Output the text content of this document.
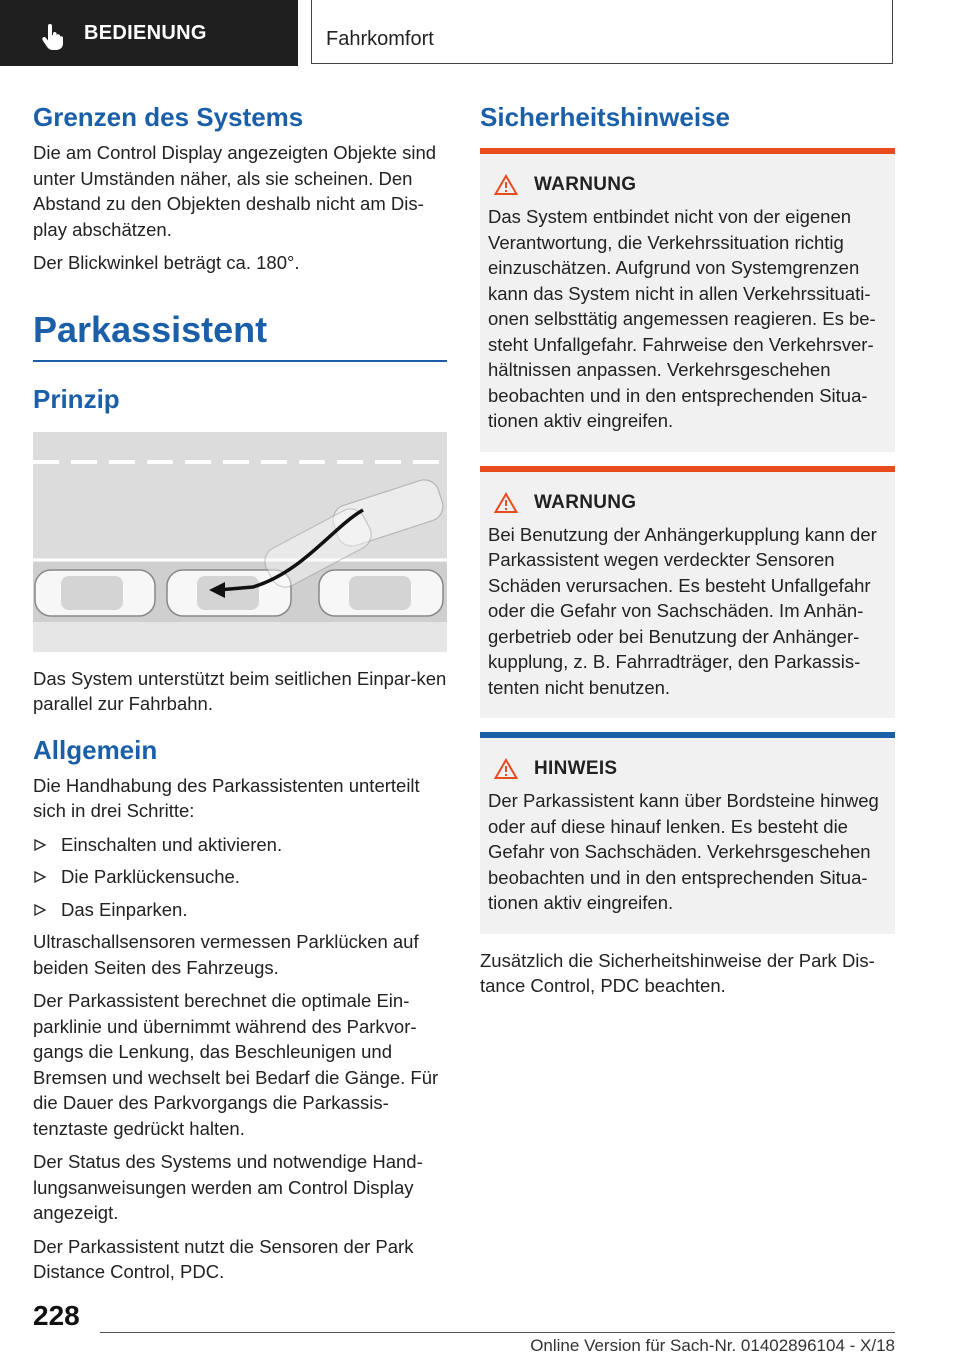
BEDIENUNG	Fahrkomfort
Grenzen des Systems

Die am Control Display angezeigten Objekte sind unter Umständen näher, als sie scheinen. Den Abstand zu den Objekten deshalb nicht am Dis-play abschätzen.

Der Blickwinkel beträgt ca. 180°.

Parkassistent
Prinzip

Das System unterstützt beim seitlichen Einpar-ken parallel zur Fahrbahn.

Allgemein

Die Handhabung des Parkassistenten unterteilt sich in drei Schritte:

Einschalten und aktivieren.
Die Parklückensuche.
Das Einparken.

Ultraschallsensoren vermessen Parklücken auf beiden Seiten des Fahrzeugs.

Der Parkassistent berechnet die optimale Ein-parklinie und übernimmt während des Parkvor-gangs die Lenkung, das Beschleunigen und Bremsen und wechselt bei Bedarf die Gänge. Für die Dauer des Parkvorgangs die Parkassis-tenztaste gedrückt halten.

Der Status des Systems und notwendige Hand-lungsanweisungen werden am Control Display angezeigt.

Der Parkassistent nutzt die Sensoren der Park Distance Control, PDC.

Sicherheitshinweise
WARNUNG

Das System entbindet nicht von der eigenen Verantwortung, die Verkehrssituation richtig einzuschätzen. Aufgrund von Systemgrenzen kann das System nicht in allen Verkehrssituati-onen selbsttätig angemessen reagieren. Es be-steht Unfallgefahr. Fahrweise den Verkehrsver-hältnissen anpassen. Verkehrsgeschehen beobachten und in den entsprechenden Situa-tionen aktiv eingreifen.

WARNUNG

Bei Benutzung der Anhängerkupplung kann der Parkassistent wegen verdeckter Sensoren Schäden verursachen. Es besteht Unfallgefahr oder die Gefahr von Sachschäden. Im Anhän-gerbetrieb oder bei Benutzung der Anhänger-kupplung, z. B. Fahrradträger, den Parkassis-tenten nicht benutzen.

HINWEIS

Der Parkassistent kann über Bordsteine hinweg oder auf diese hinauf lenken. Es besteht die Gefahr von Sachschäden. Verkehrsgeschehen beobachten und in den entsprechenden Situa-tionen aktiv eingreifen.

Zusätzlich die Sicherheitshinweise der Park Dis-tance Control, PDC beachten.

228
Online Version für Sach-Nr. 01402896104 - X/18
